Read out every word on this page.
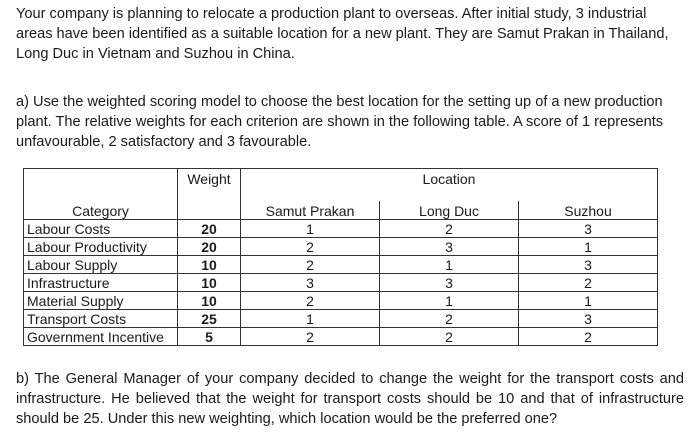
Your company is planning to relocate a production plant to overseas. After initial study, 3 industrial areas have been identified as a suitable location for a new plant. They are Samut Prakan in Thailand, Long Duc in Vietnam and Suzhou in China.

a) Use the weighted scoring model to choose the best location for the setting up of a new production plant. The relative weights for each criterion are shown in the following table. A score of 1 represents unfavourable, 2 satisfactory and 3 favourable.

	Weight	Location		
Category		Samut Prakan	Long Duc	Suzhou
Labour Costs	20	1	2	3
Labour Productivity	20	2	3	1
Labour Supply	10	2	1	3
Infrastructure	10	3	3	2
Material Supply	10	2	1	1
Transport Costs	25	1	2	3
Government Incentive	5	2	2	2

b) The General Manager of your company decided to change the weight for the transport costs and infrastructure. He believed that the weight for transport costs should be 10 and that of infrastructure should be 25. Under this new weighting, which location would be the preferred one?
